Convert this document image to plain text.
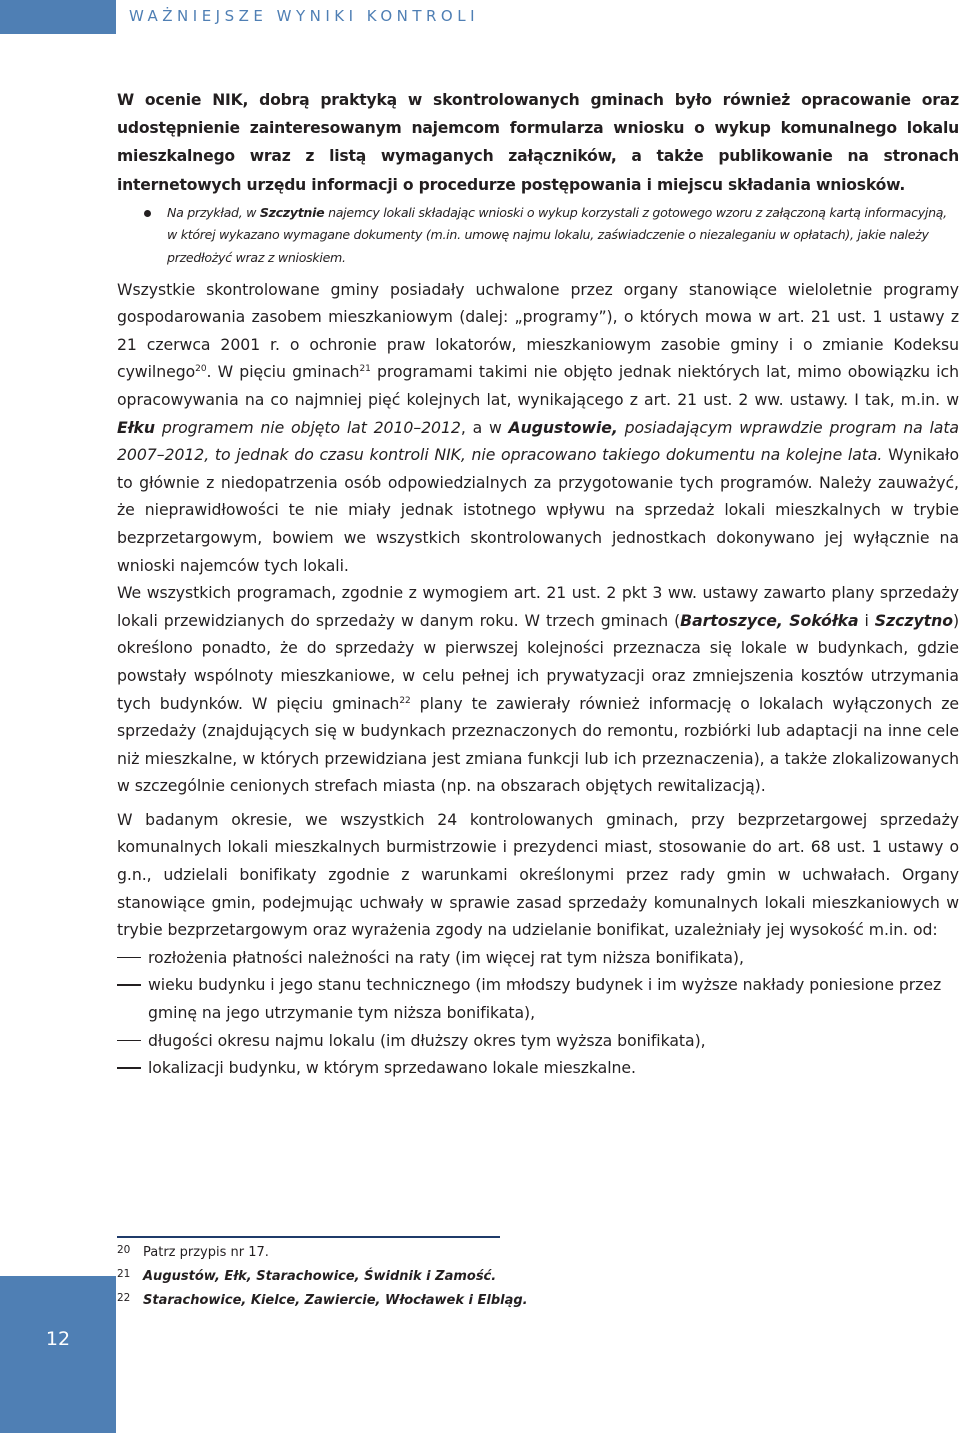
WAŻNIEJSZE WYNIKI KONTROLI

W ocenie NIK, dobrą praktyką w skontrolowanych gminach było również opracowanie oraz udostępnienie zainteresowanym najemcom formularza wniosku o wykup komunalnego lokalu mieszkalnego wraz z listą wymaganych załączników, a także publikowanie na stronach internetowych urzędu informacji o procedurze postępowania i miejscu składania wniosków.

Na przykład, w Szczytnie najemcy lokali składając wnioski o wykup korzystali z gotowego wzoru z załączoną kartą informacyjną, w której wykazano wymagane dokumenty (m.in. umowę najmu lokalu, zaświadczenie o niezaleganiu w opłatach), jakie należy przedłożyć wraz z wnioskiem.

Wszystkie skontrolowane gminy posiadały uchwalone przez organy stanowiące wieloletnie programy gospodarowania zasobem mieszkaniowym (dalej: „programy”), o których mowa w art. 21 ust. 1 ustawy z 21 czerwca 2001 r. o ochronie praw lokatorów, mieszkaniowym zasobie gminy i o zmianie Kodeksu cywilnego$^{20}$. W pięciu gminach$^{21}$ programami takimi nie objęto jednak niektórych lat, mimo obowiązku ich opracowywania na co najmniej pięć kolejnych lat, wynikającego z art. 21 ust. 2 ww. ustawy. I tak, m.in. w Ełku programem nie objęto lat 2010–2012, a w Augustowie, posiadającym wprawdzie program na lata 2007–2012, to jednak do czasu kontroli NIK, nie opracowano takiego dokumentu na kolejne lata. Wynikało to głównie z niedopatrzenia osób odpowiedzialnych za przygotowanie tych programów. Należy zauważyć, że nieprawidłowości te nie miały jednak istotnego wpływu na sprzedaż lokali mieszkalnych w trybie bezprzetargowym, bowiem we wszystkich skontrolowanych jednostkach dokonywano jej wyłącznie na wnioski najemców tych lokali.

We wszystkich programach, zgodnie z wymogiem art. 21 ust. 2 pkt 3 ww. ustawy zawarto plany sprzedaży lokali przewidzianych do sprzedaży w danym roku. W trzech gminach (Bartoszyce, Sokółka i Szczytno) określono ponadto, że do sprzedaży w pierwszej kolejności przeznacza się lokale w budynkach, gdzie powstały wspólnoty mieszkaniowe, w celu pełnej ich prywatyzacji oraz zmniejszenia kosztów utrzymania tych budynków. W pięciu gminach$^{22}$ plany te zawierały również informację o lokalach wyłączonych ze sprzedaży (znajdujących się w budynkach przeznaczonych do remontu, rozbiórki lub adaptacji na inne cele niż mieszkalne, w których przewidziana jest zmiana funkcji lub ich przeznaczenia), a także zlokalizowanych w szczególnie cenionych strefach miasta (np. na obszarach objętych rewitalizacją).

W badanym okresie, we wszystkich 24 kontrolowanych gminach, przy bezprzetargowej sprzedaży komunalnych lokali mieszkalnych burmistrzowie i prezydenci miast, stosowanie do art. 68 ust. 1 ustawy o g.n., udzielali bonifikaty zgodnie z warunkami określonymi przez rady gmin w uchwałach. Organy stanowiące gmin, podejmując uchwały w sprawie zasad sprzedaży komunalnych lokali mieszkaniowych w trybie bezprzetargowym oraz wyrażenia zgody na udzielanie bonifikat, uzależniały jej wysokość m.in. od:

rozłożenia płatności należności na raty (im więcej rat tym niższa bonifikata),
wieku budynku i jego stanu technicznego (im młodszy budynek i im wyższe nakłady poniesione przez gminę na jego utrzymanie tym niższa bonifikata),
długości okresu najmu lokalu (im dłuższy okres tym wyższa bonifikata),
lokalizacji budynku, w którym sprzedawano lokale mieszkalne.
20 Patrz przypis nr 17.
21 Augustów, Ełk, Starachowice, Świdnik i Zamość.
22 Starachowice, Kielce, Zawiercie, Włocławek i Elbląg.
12
